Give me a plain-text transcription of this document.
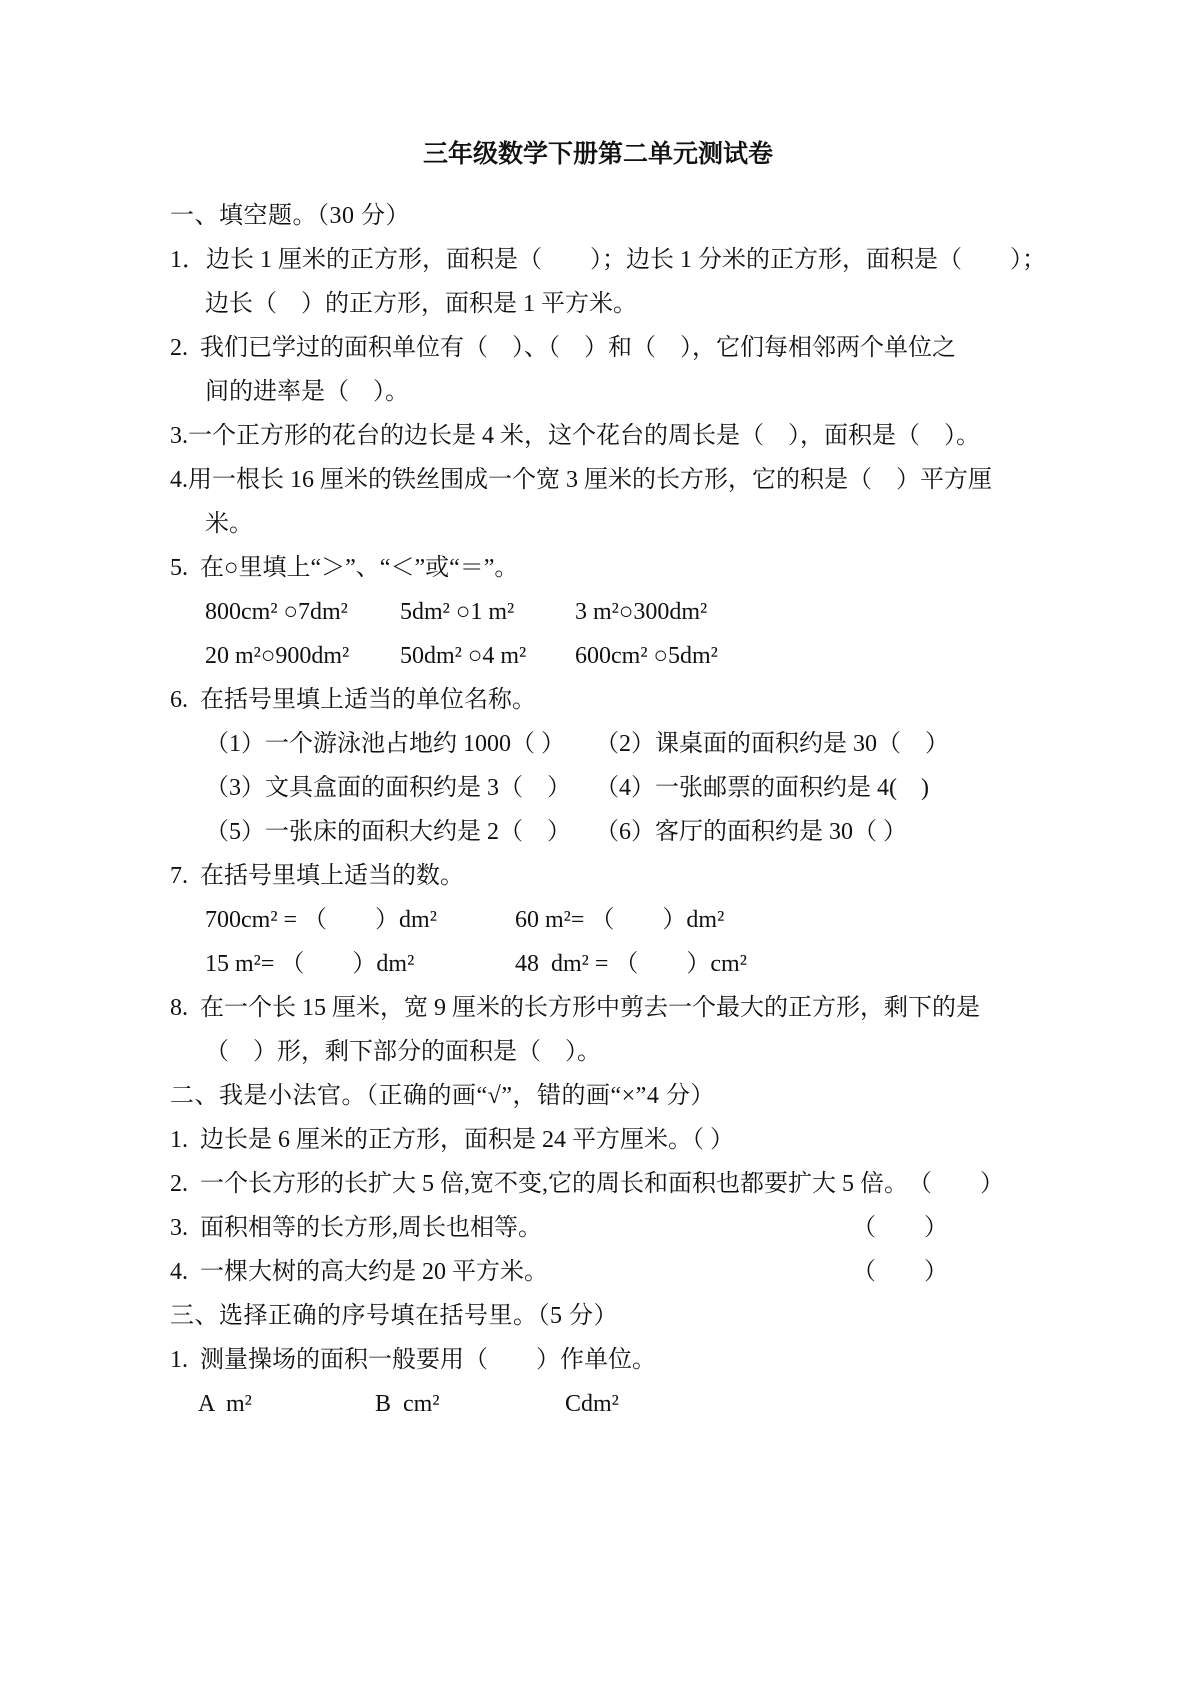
三年级数学下册第二单元测试卷
一、填空题。（30 分）
1．边长 1 厘米的正方形，面积是（　　）；边长 1 分米的正方形，面积是（　　）；
边长（　）的正方形，面积是 1 平方米。
2.  我们已学过的面积单位有（　）、（　）和（　），它们每相邻两个单位之
间的进率是（　）。
3.一个正方形的花台的边长是 4 米，这个花台的周长是（　），面积是（　）。
4.用一根长 16 厘米的铁丝围成一个宽 3 厘米的长方形，它的积是（　）平方厘
米。
5.  在○里填上“＞”、“＜”或“＝”。
800cm² ○7dm²	5dm² ○1 m²	3 m²○300dm²
20 m²○900dm²	50dm² ○4 m²	600cm² ○5dm²
6.  在括号里填上适当的单位名称。
（1）一个游泳池占地约 1000（ ）	（2）课桌面的面积约是 30（　）
（3）文具盒面的面积约是 3（　）	（4）一张邮票的面积约是 4(　)
（5）一张床的面积大约是 2（　）	（6）客厅的面积约是 30（ ）
7.  在括号里填上适当的数。
700cm² = （　　）dm²	60 m²= （　　）dm²
15 m²= （　　）dm²	48  dm² = （　　）cm²
8.  在一个长 15 厘米，宽 9 厘米的长方形中剪去一个最大的正方形，剩下的是
（　）形，剩下部分的面积是（　）。
二、我是小法官。（正确的画“√”，错的画“×”4 分）
1.  边长是 6 厘米的正方形，面积是 24 平方厘米。（ ）
2.  一个长方形的长扩大 5 倍,宽不变,它的周长和面积也都要扩大 5 倍。 （　　）
3.  面积相等的长方形,周长也相等。	（　　）
4.  一棵大树的高大约是 20 平方米。	（　　）
三、选择正确的序号填在括号里。（5 分）
1.  测量操场的面积一般要用（　　）作单位。
A  m²	B  cm²	Cdm²
